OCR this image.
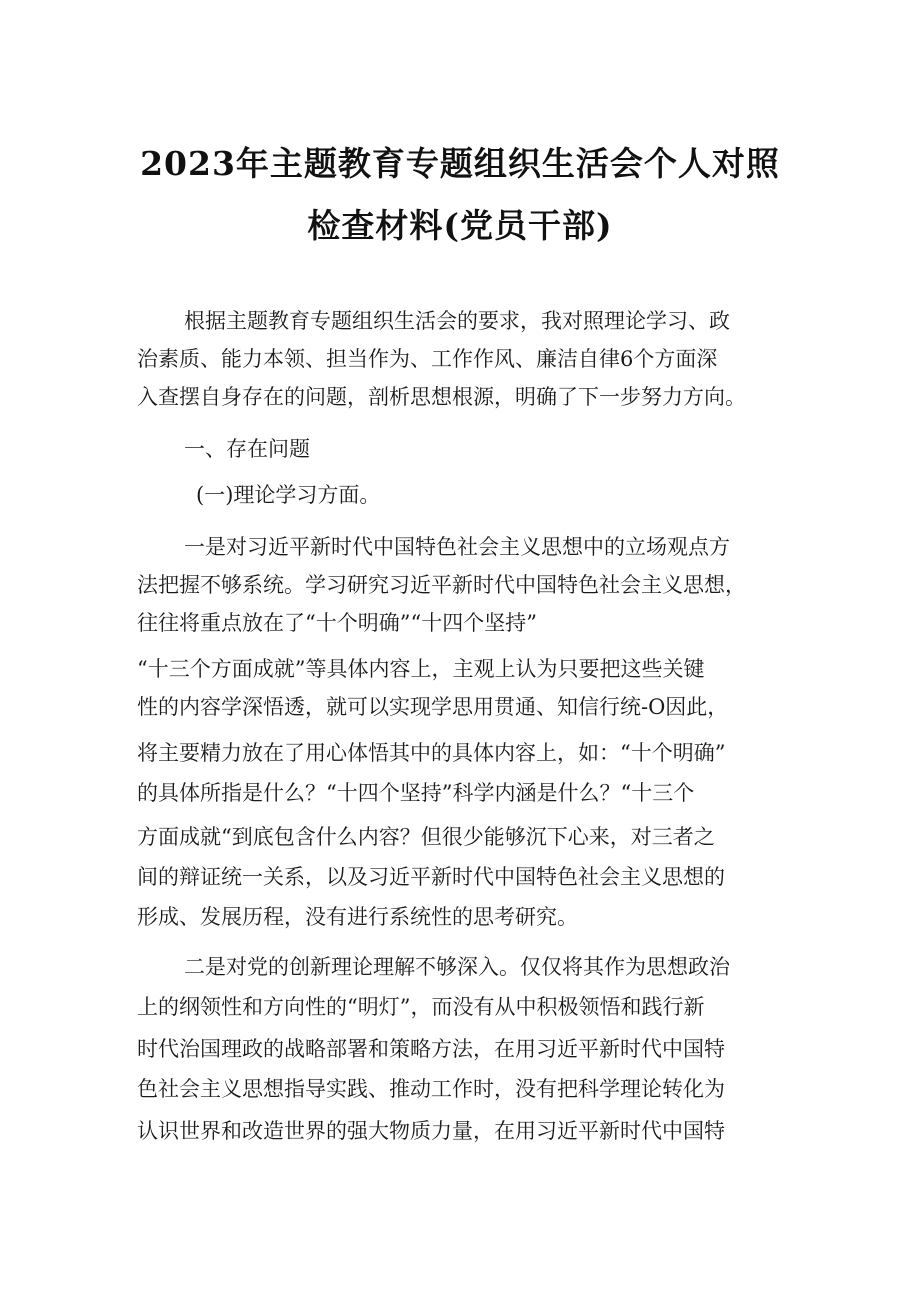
2023年主题教育专题组织生活会个人对照
检查材料(党员干部)

根据主题教育专题组织生活会的要求，我对照理论学习、政

治素质、能力本领、担当作为、工作作风、廉洁自律6个方面深

入查摆自身存在的问题，剖析思想根源，明确了下一步努力方向。

一、存在问题

(一)理论学习方面。

一是对习近平新时代中国特色社会主义思想中的立场观点方

法把握不够系统。学习研究习近平新时代中国特色社会主义思想，

往往将重点放在了“十个明确”“十四个坚持”

“十三个方面成就”等具体内容上，主观上认为只要把这些关键

性的内容学深悟透，就可以实现学思用贯通、知信行统-O因此，

将主要精力放在了用心体悟其中的具体内容上，如：“十个明确”

的具体所指是什么？“十四个坚持”科学内涵是什么？“十三个

方面成就“到底包含什么内容？但很少能够沉下心来，对三者之

间的辩证统一关系，以及习近平新时代中国特色社会主义思想的

形成、发展历程，没有进行系统性的思考研究。

二是对党的创新理论理解不够深入。仅仅将其作为思想政治

上的纲领性和方向性的“明灯”，而没有从中积极领悟和践行新

时代治国理政的战略部署和策略方法，在用习近平新时代中国特

色社会主义思想指导实践、推动工作时，没有把科学理论转化为

认识世界和改造世界的强大物质力量，在用习近平新时代中国特
